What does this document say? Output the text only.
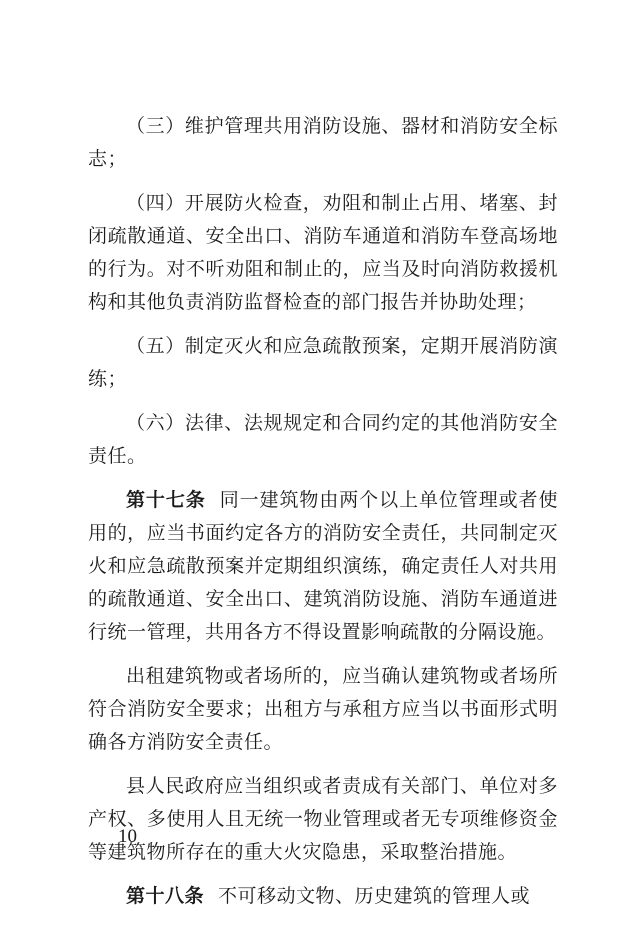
（三）维护管理共用消防设施、器材和消防安全标志；

（四）开展防火检查，劝阻和制止占用、堵塞、封闭疏散通道、安全出口、消防车通道和消防车登高场地的行为。对不听劝阻和制止的，应当及时向消防救援机构和其他负责消防监督检查的部门报告并协助处理；

（五）制定灭火和应急疏散预案，定期开展消防演练；

（六）法律、法规规定和合同约定的其他消防安全责任。

第十七条 同一建筑物由两个以上单位管理或者使用的，应当书面约定各方的消防安全责任，共同制定灭火和应急疏散预案并定期组织演练，确定责任人对共用的疏散通道、安全出口、建筑消防设施、消防车通道进行统一管理，共用各方不得设置影响疏散的分隔设施。

出租建筑物或者场所的，应当确认建筑物或者场所符合消防安全要求；出租方与承租方应当以书面形式明确各方消防安全责任。

县人民政府应当组织或者责成有关部门、单位对多产权、多使用人且无统一物业管理或者无专项维修资金等建筑物所存在的重大火灾隐患，采取整治措施。

第十八条 不可移动文物、历史建筑的管理人或

10
